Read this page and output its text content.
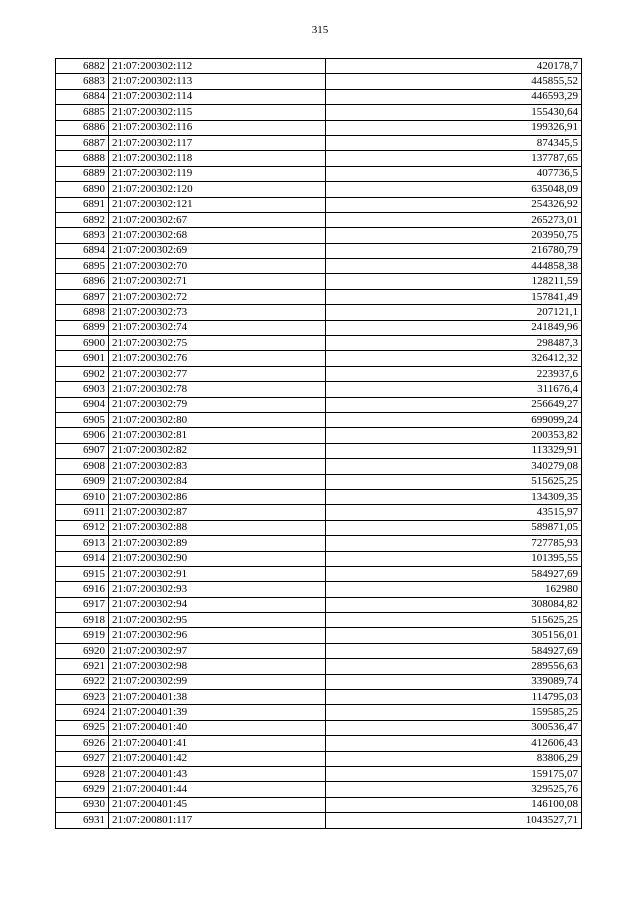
315
6882	21:07:200302:112	420178,7
6883	21:07:200302:113	445855,52
6884	21:07:200302:114	446593,29
6885	21:07:200302:115	155430,64
6886	21:07:200302:116	199326,91
6887	21:07:200302:117	874345,5
6888	21:07:200302:118	137787,65
6889	21:07:200302:119	407736,5
6890	21:07:200302:120	635048,09
6891	21:07:200302:121	254326,92
6892	21:07:200302:67	265273,01
6893	21:07:200302:68	203950,75
6894	21:07:200302:69	216780,79
6895	21:07:200302:70	444858,38
6896	21:07:200302:71	128211,59
6897	21:07:200302:72	157841,49
6898	21:07:200302:73	207121,1
6899	21:07:200302:74	241849,96
6900	21:07:200302:75	298487,3
6901	21:07:200302:76	326412,32
6902	21:07:200302:77	223937,6
6903	21:07:200302:78	311676,4
6904	21:07:200302:79	256649,27
6905	21:07:200302:80	699099,24
6906	21:07:200302:81	200353,82
6907	21:07:200302:82	113329,91
6908	21:07:200302:83	340279,08
6909	21:07:200302:84	515625,25
6910	21:07:200302:86	134309,35
6911	21:07:200302:87	43515,97
6912	21:07:200302:88	589871,05
6913	21:07:200302:89	727785,93
6914	21:07:200302:90	101395,55
6915	21:07:200302:91	584927,69
6916	21:07:200302:93	162980
6917	21:07:200302:94	308084,82
6918	21:07:200302:95	515625,25
6919	21:07:200302:96	305156,01
6920	21:07:200302:97	584927,69
6921	21:07:200302:98	289556,63
6922	21:07:200302:99	339089,74
6923	21:07:200401:38	114795,03
6924	21:07:200401:39	159585,25
6925	21:07:200401:40	300536,47
6926	21:07:200401:41	412606,43
6927	21:07:200401:42	83806,29
6928	21:07:200401:43	159175,07
6929	21:07:200401:44	329525,76
6930	21:07:200401:45	146100,08
6931	21:07:200801:117	1043527,71
